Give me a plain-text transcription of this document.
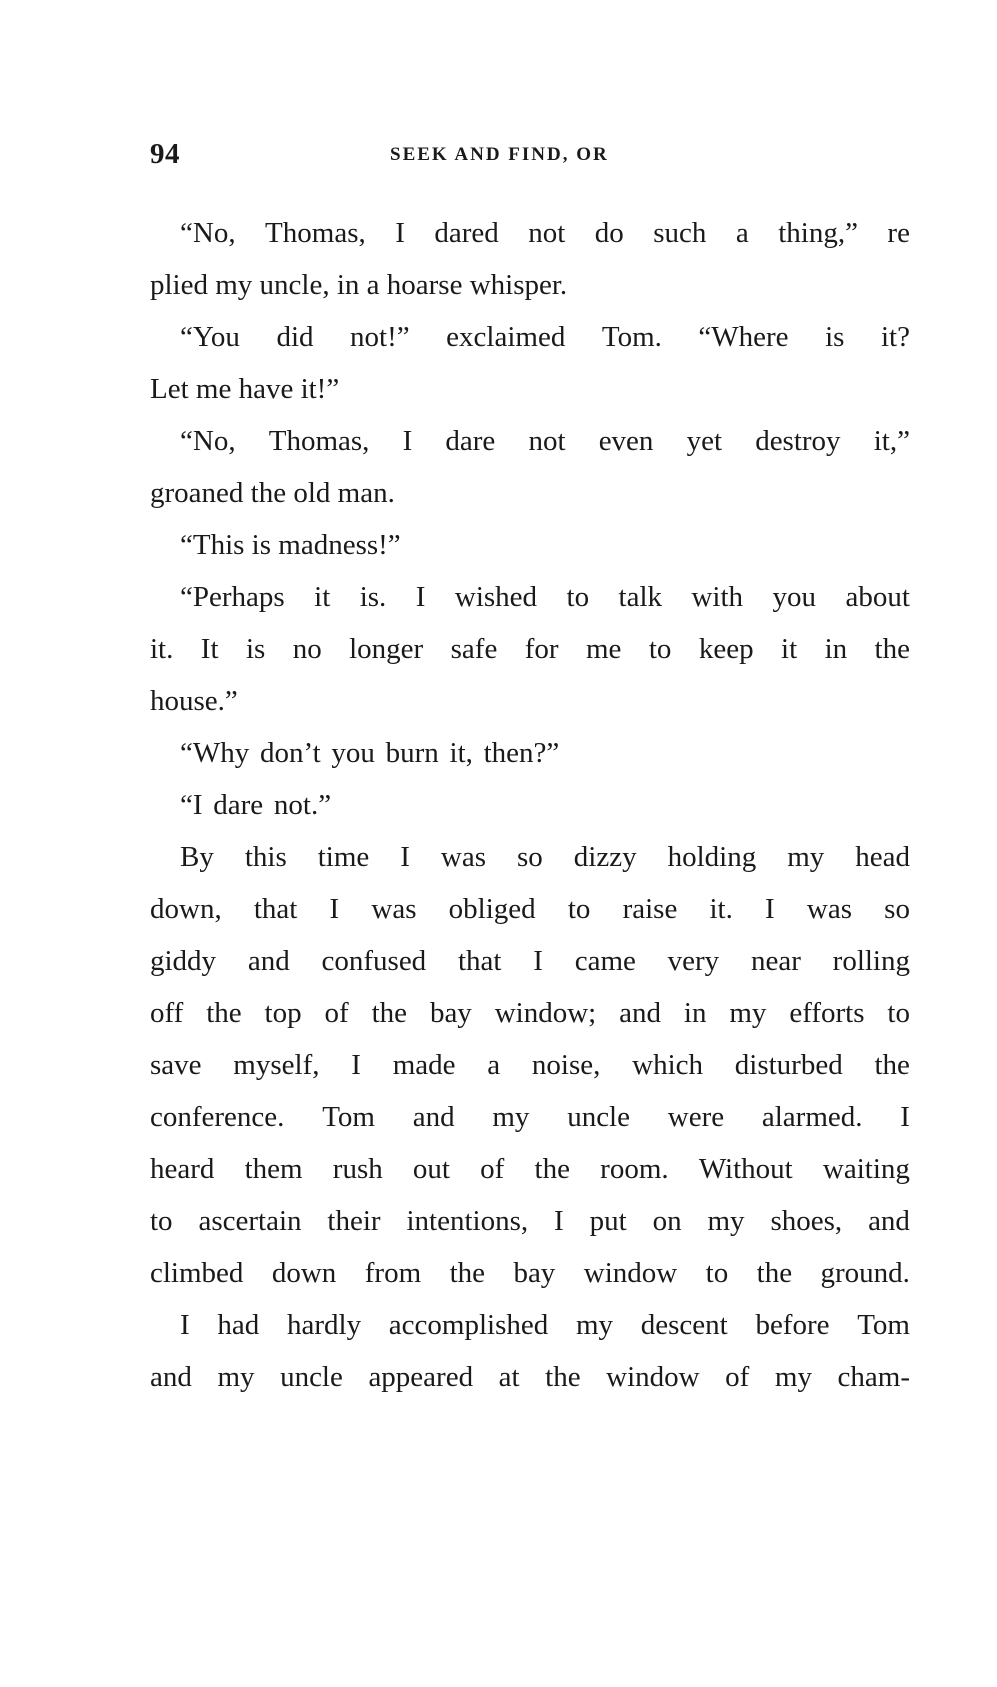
94	SEEK AND FIND, OR
“No, Thomas, I dared not do such a thing,” re
plied my uncle, in a hoarse whisper.
“You did not!” exclaimed Tom. “Where is it?
Let me have it!”
“No, Thomas, I dare not even yet destroy it,”
groaned the old man.
“This is madness!”
“Perhaps it is. I wished to talk with you about
it. It is no longer safe for me to keep it in the
house.”
“Why don’t you burn it, then?”
“I dare not.”
By this time I was so dizzy holding my head
down, that I was obliged to raise it. I was so
giddy and confused that I came very near rolling
off the top of the bay window; and in my efforts to
save myself, I made a noise, which disturbed the
conference. Tom and my uncle were alarmed. I
heard them rush out of the room. Without waiting
to ascertain their intentions, I put on my shoes, and
climbed down from the bay window to the ground.
I had hardly accomplished my descent before Tom
and my uncle appeared at the window of my cham-
